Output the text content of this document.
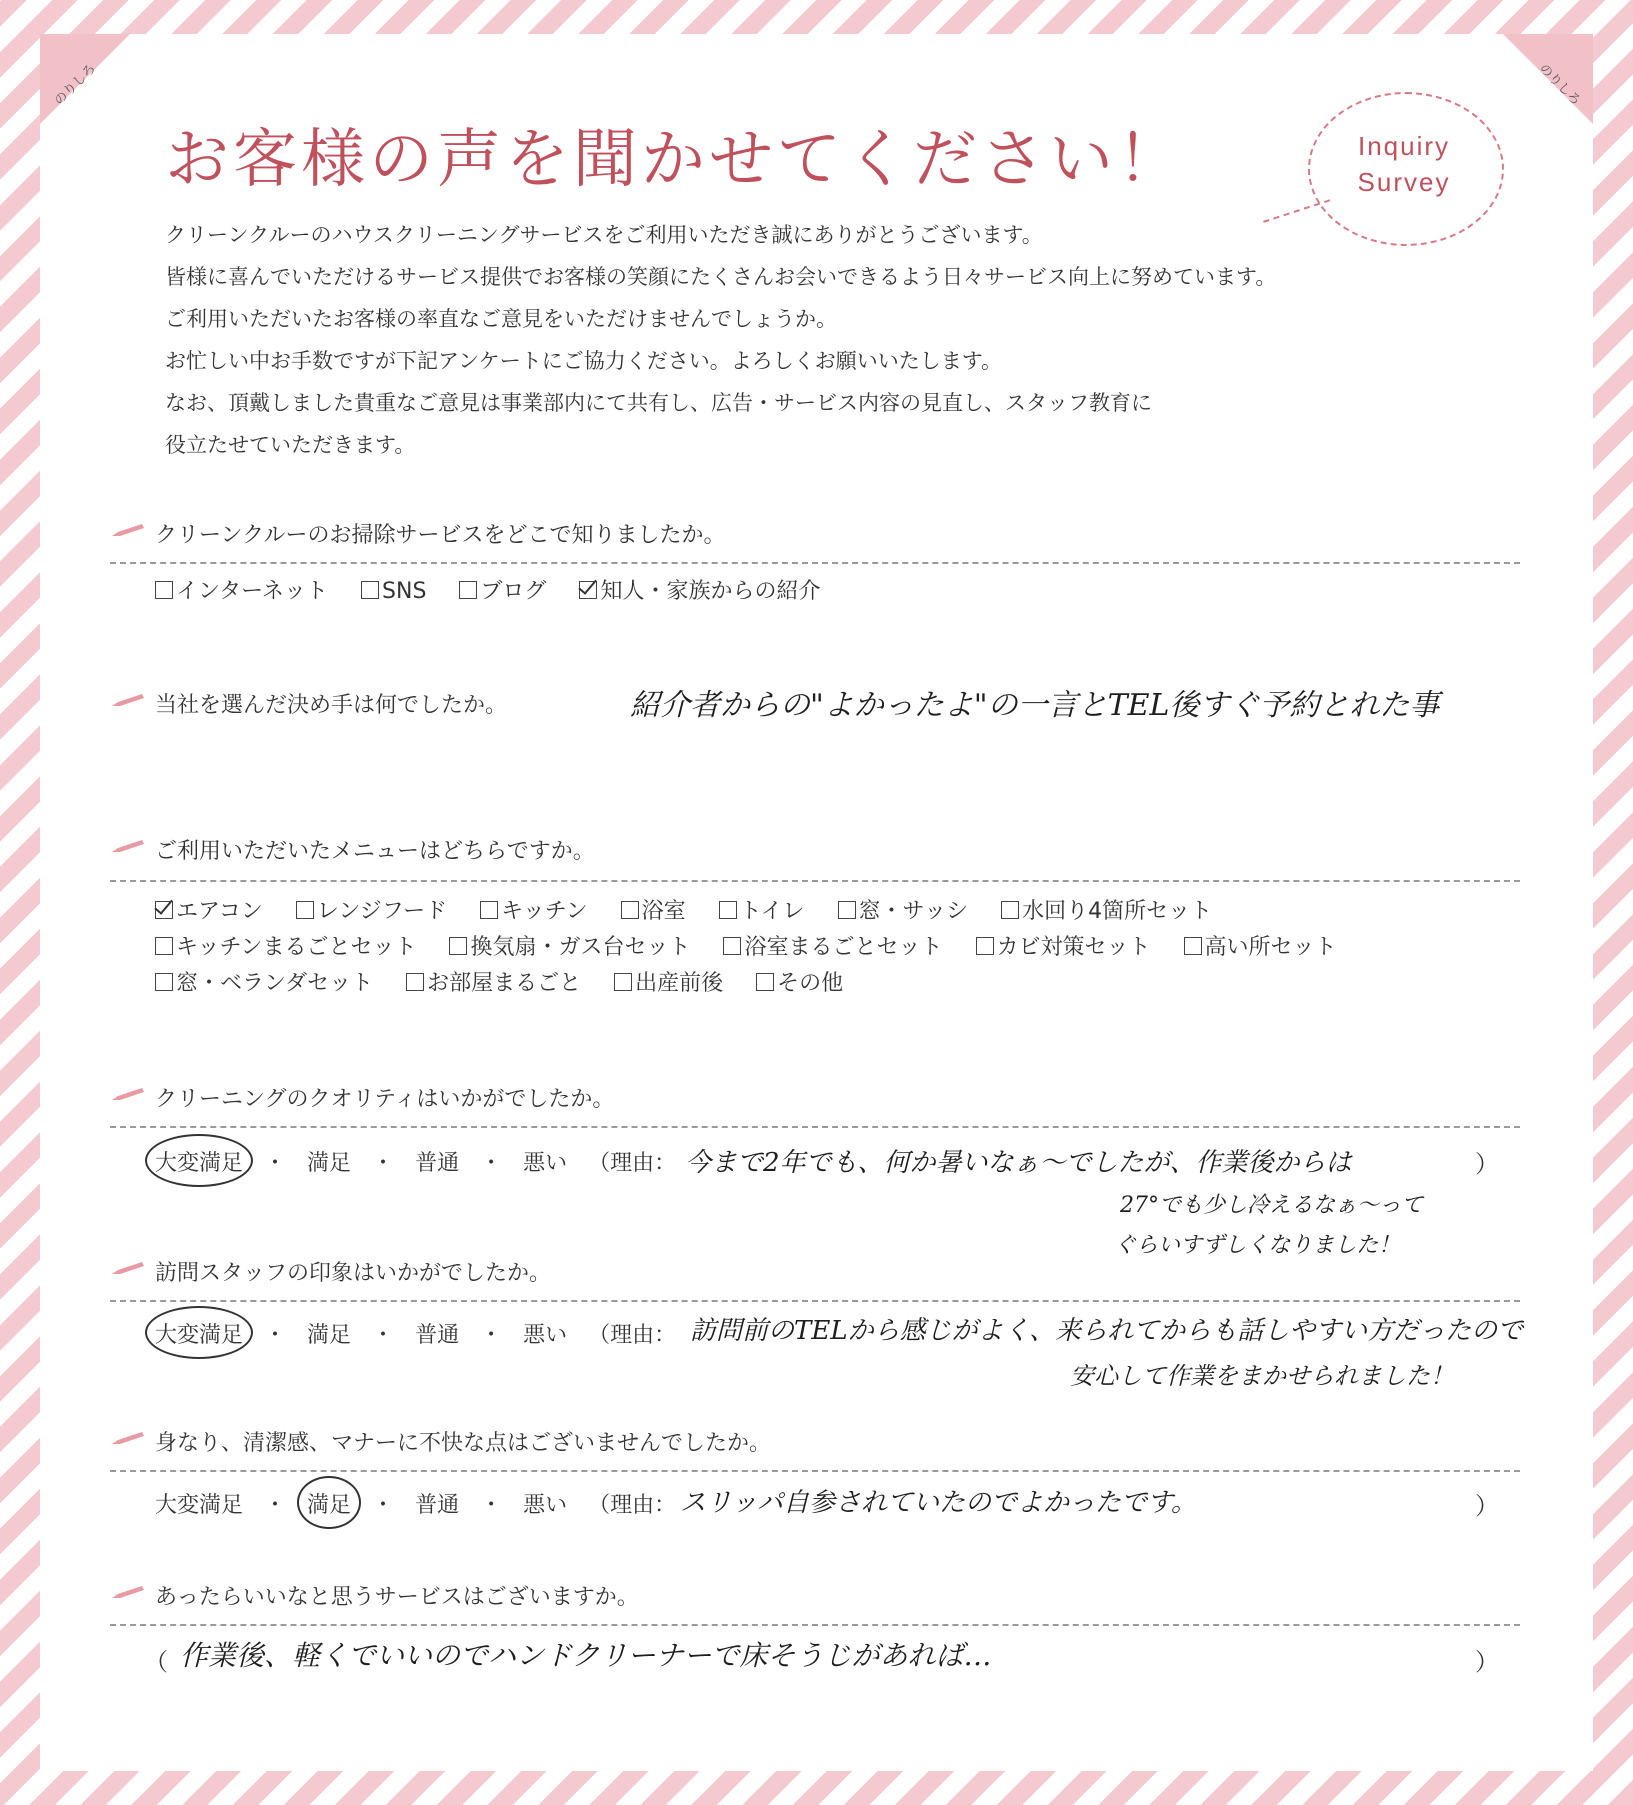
のりしろ	のりしろ
お客様の声を聞かせてください！	Inquiry
Survey
クリーンクルーのハウスクリーニングサービスをご利用いただき誠にありがとうございます。
皆様に喜んでいただけるサービス提供でお客様の笑顔にたくさんお会いできるよう日々サービス向上に努めています。
ご利用いただいたお客様の率直なご意見をいただけませんでしょうか。
お忙しい中お手数ですが下記アンケートにご協力ください。よろしくお願いいたします。
なお、頂戴しました貴重なご意見は事業部内にて共有し、広告・サービス内容の見直し、スタッフ教育に
役立たせていただきます。
クリーンクルーのお掃除サービスをどこで知りましたか。
インターネット SNS ブログ 知人・家族からの紹介
当社を選んだ決め手は何でしたか。	紹介者からの"よかったよ"の一言とTEL後すぐ予約とれた事
ご利用いただいたメニューはどちらですか。
エアコン レンジフード キッチン 浴室 トイレ 窓・サッシ 水回り4箇所セット
キッチンまるごとセット 換気扇・ガス台セット 浴室まるごとセット カビ対策セット 高い所セット
窓・ベランダセット お部屋まるごと 出産前後 その他
クリーニングのクオリティはいかがでしたか。
大変満足 ・ 満足 ・ 普通 ・ 悪い （理由：	）
今まで2年でも、何か暑いなぁ～でしたが、作業後からは
27°でも少し冷えるなぁ～って
ぐらいすずしくなりました！
訪問スタッフの印象はいかがでしたか。
大変満足 ・ 満足 ・ 普通 ・ 悪い （理由： 訪問前のTELから感じがよく、来られてからも話しやすい方だったので
安心して作業をまかせられました！
身なり、清潔感、マナーに不快な点はございませんでしたか。
大変満足 ・ 満足 ・ 普通 ・ 悪い （理由：	）
スリッパ自参されていたのでよかったです。
あったらいいなと思うサービスはございますか。
（	）
作業後、軽くでいいのでハンドクリーナーで床そうじがあれば…
